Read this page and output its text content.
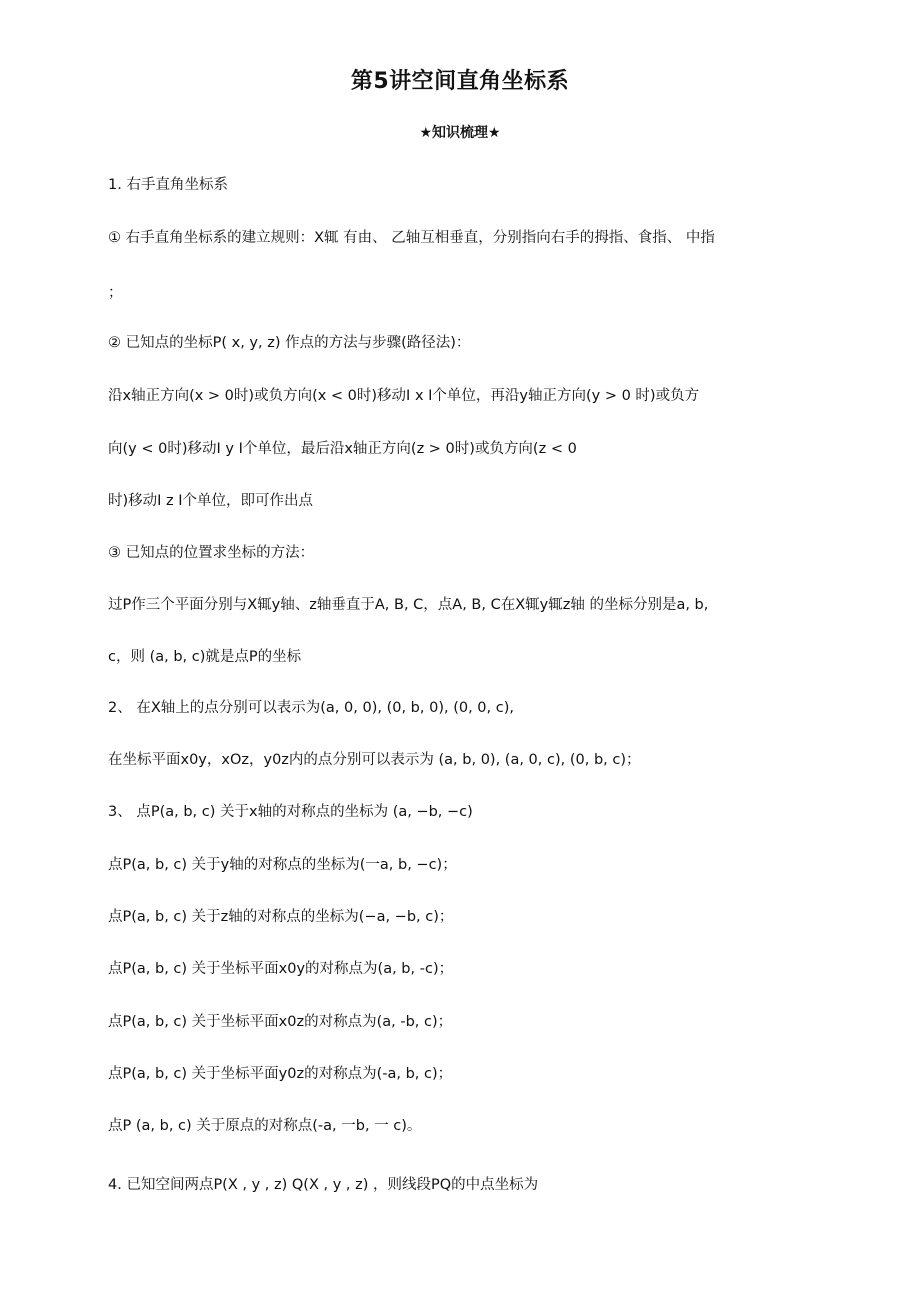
第5讲空间直角坐标系
★知识梳理★
1. 右手直角坐标系
① 右手直角坐标系的建立规则：X辄 有由、 乙轴互相垂直，分别指向右手的拇指、食指、 中指
；
② 已知点的坐标P( x, y, z) 作点的方法与步骤(路径法)：
沿x轴正方向(x > 0时)或负方向(x < 0时)移动I x I个单位，再沿y轴正方向(y > 0 时)或负方
向(y < 0时)移动I y I个单位，最后沿x轴正方向(z > 0时)或负方向(z < 0
时)移动I z I个单位，即可作出点
③ 已知点的位置求坐标的方法：
过P作三个平面分别与X辄y轴、z轴垂直于A, B, C，点A, B, C在X辄y辄z轴 的坐标分别是a, b,
c，则 (a, b, c)就是点P的坐标
2、 在X轴上的点分别可以表示为(a, 0, 0), (0, b, 0), (0, 0, c),
在坐标平面x0y，xOz，y0z内的点分别可以表示为 (a, b, 0), (a, 0, c), (0, b, c)；
3、 点P(a, b, c) 关于x轴的对称点的坐标为 (a, −b, −c)
点P(a, b, c) 关于y轴的对称点的坐标为(一a, b, −c)；
点P(a, b, c) 关于z轴的对称点的坐标为(−a, −b, c)；
点P(a, b, c) 关于坐标平面x0y的对称点为(a, b, -c)；
点P(a, b, c) 关于坐标平面x0z的对称点为(a, -b, c)；
点P(a, b, c) 关于坐标平面y0z的对称点为(-a, b, c)；
点P (a, b, c) 关于原点的对称点(-a, 一b, 一 c)。
4. 已知空间两点P(X , y , z) Q(X , y , z) ，则线段PQ的中点坐标为
